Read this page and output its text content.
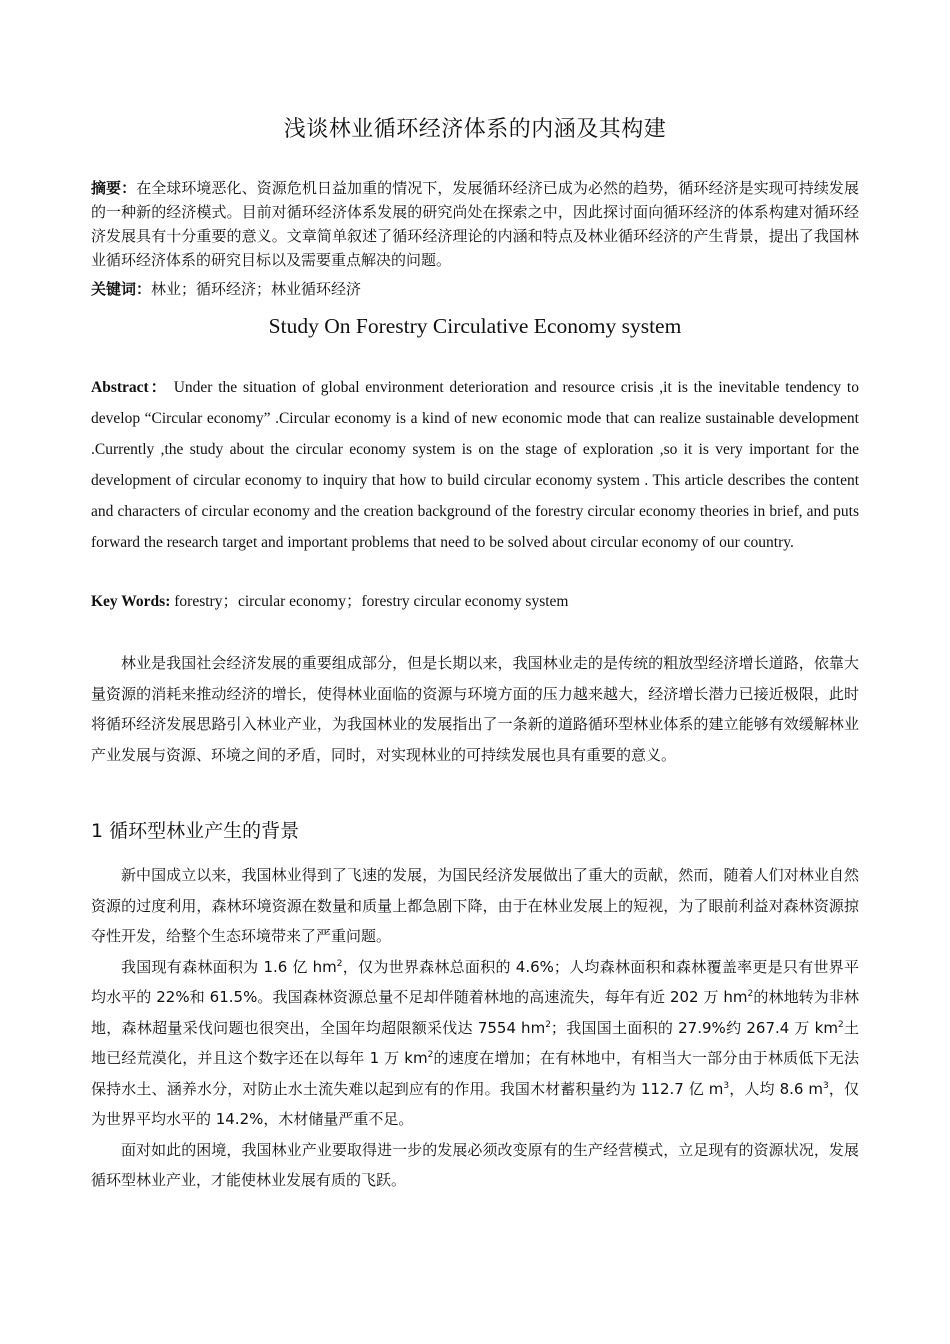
浅谈林业循环经济体系的内涵及其构建
摘要：在全球环境恶化、资源危机日益加重的情况下，发展循环经济已成为必然的趋势，循环经济是实现可持续发展的一种新的经济模式。目前对循环经济体系发展的研究尚处在探索之中，因此探讨面向循环经济的体系构建对循环经济发展具有十分重要的意义。文章简单叙述了循环经济理论的内涵和特点及林业循环经济的产生背景，提出了我国林业循环经济体系的研究目标以及需要重点解决的问题。
关键词：林业；循环经济；林业循环经济
Study On Forestry Circulative Economy system
Abstract： Under the situation of global environment deterioration and resource crisis ,it is the inevitable tendency to develop “Circular economy” .Circular economy is a kind of new economic mode that can realize sustainable development .Currently ,the study about the circular economy system is on the stage of exploration ,so it is very important for the development of circular economy to inquiry that how to build circular economy system . This article describes the content and characters of circular economy and the creation background of the forestry circular economy theories in brief, and puts forward the research target and important problems that need to be solved about circular economy of our country.
Key Words: forestry；circular economy；forestry circular economy system

林业是我国社会经济发展的重要组成部分，但是长期以来，我国林业走的是传统的粗放型经济增长道路，依靠大量资源的消耗来推动经济的增长，使得林业面临的资源与环境方面的压力越来越大，经济增长潜力已接近极限，此时将循环经济发展思路引入林业产业，为我国林业的发展指出了一条新的道路循环型林业体系的建立能够有效缓解林业产业发展与资源、环境之间的矛盾，同时，对实现林业的可持续发展也具有重要的意义。

1 循环型林业产生的背景

新中国成立以来，我国林业得到了飞速的发展，为国民经济发展做出了重大的贡献，然而，随着人们对林业自然资源的过度利用，森林环境资源在数量和质量上都急剧下降，由于在林业发展上的短视，为了眼前利益对森林资源掠夺性开发，给整个生态环境带来了严重问题。

我国现有森林面积为 1.6 亿 $hm^2$，仅为世界森林总面积的 4.6%；人均森林面积和森林覆盖率更是只有世界平均水平的 22%和 61.5%。我国森林资源总量不足却伴随着林地的高速流失，每年有近 202 万 $hm^2$的林地转为非林地，森林超量采伐问题也很突出，全国年均超限额采伐达 7554 $hm^2$；我国国土面积的 27.9%约 267.4 万 $km^2$土地已经荒漠化，并且这个数字还在以每年 1 万 $km^2$的速度在增加；在有林地中，有相当大一部分由于林质低下无法保持水土、涵养水分，对防止水土流失难以起到应有的作用。我国木材蓄积量约为 112.7 亿 $m^3$，人均 8.6 $m^3$，仅为世界平均水平的 14.2%，木材储量严重不足。

面对如此的困境，我国林业产业要取得进一步的发展必须改变原有的生产经营模式，立足现有的资源状况，发展循环型林业产业，才能使林业发展有质的飞跃。
